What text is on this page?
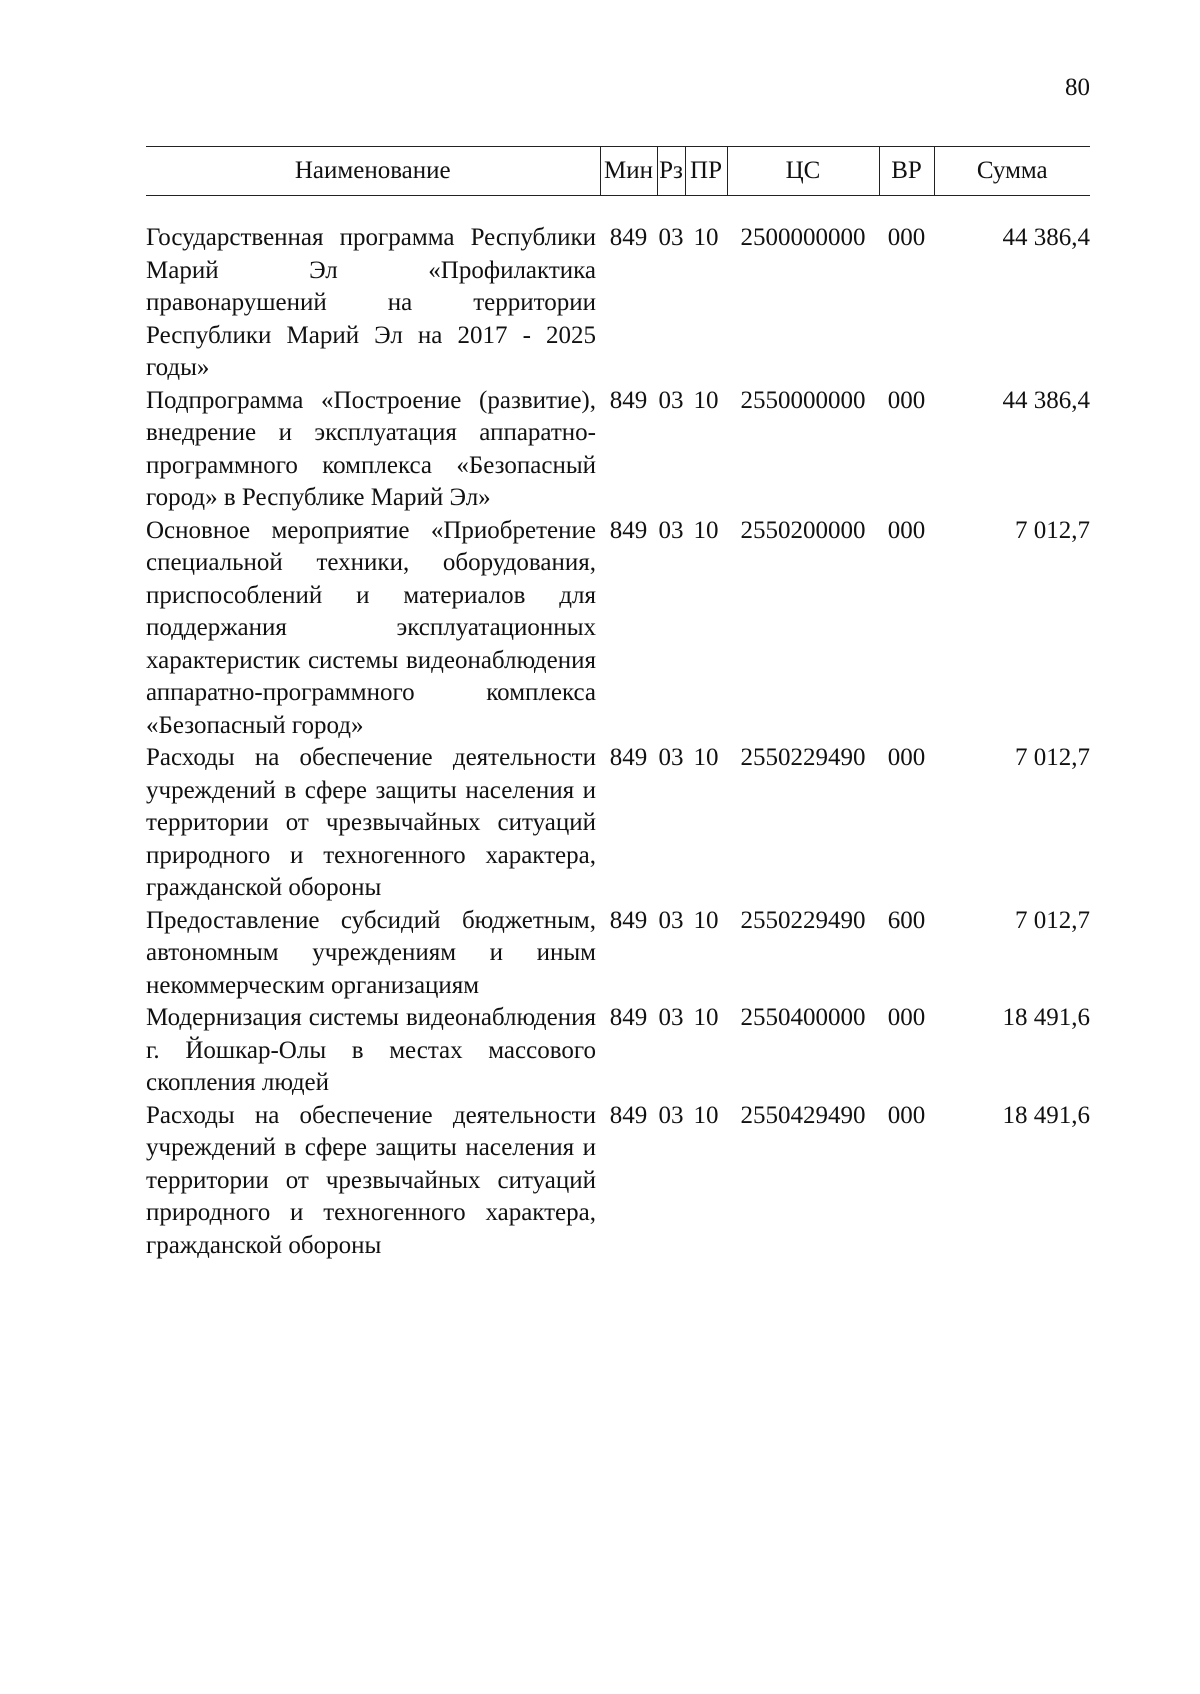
80
Наименование	Мин	Рз	ПР	ЦС	ВР	Сумма

Государственная программа Республики Марий Эл «Профилактика правонарушений на территории Республики Марий Эл на 2017 - 2025 годы»	849	03	10	2500000000	000	44 386,4
Подпрограмма «Построение (развитие), внедрение и эксплуатация аппаратно-программного комплекса «Безопасный город» в Республике Марий Эл»	849	03	10	2550000000	000	44 386,4
Основное мероприятие «Приобретение специальной техники, оборудования, приспособлений и материалов для поддержания эксплуатационных характеристик системы видеонаблюдения аппаратно-программного комплекса «Безопасный город»	849	03	10	2550200000	000	7 012,7
Расходы на обеспечение деятельности учреждений в сфере защиты населения и территории от чрезвычайных ситуаций природного и техногенного характера, гражданской обороны	849	03	10	2550229490	000	7 012,7
Предоставление субсидий бюджетным, автономным учреждениям и иным некоммерческим организациям	849	03	10	2550229490	600	7 012,7
Модернизация системы видеонаблюдения г. Йошкар-Олы в местах массового скопления людей	849	03	10	2550400000	000	18 491,6
Расходы на обеспечение деятельности учреждений в сфере защиты населения и территории от чрезвычайных ситуаций природного и техногенного характера, гражданской обороны	849	03	10	2550429490	000	18 491,6
